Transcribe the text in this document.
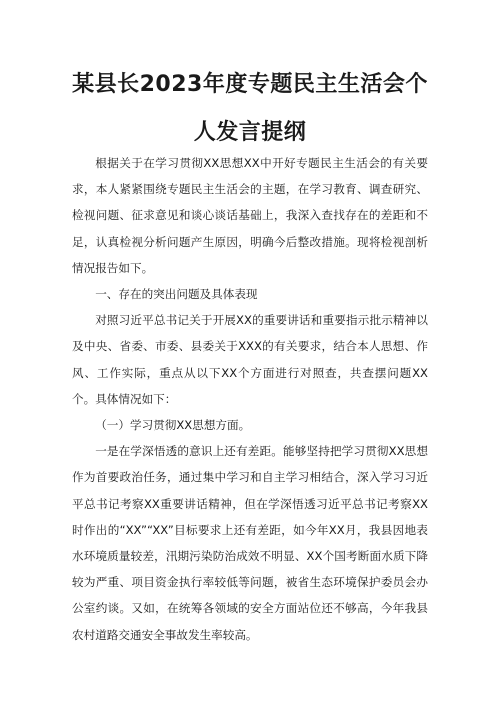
某县长2023年度专题民主生活会个
人发言提纲

根据关于在学习贯彻XX思想XX中开好专题民主生活会的有关要求，本人紧紧围绕专题民主生活会的主题，在学习教育、调查研究、检视问题、征求意见和谈心谈话基础上，我深入查找存在的差距和不足，认真检视分析问题产生原因，明确今后整改措施。现将检视剖析情况报告如下。

一、存在的突出问题及具体表现

对照习近平总书记关于开展XX的重要讲话和重要指示批示精神以及中央、省委、市委、县委关于XXX的有关要求，结合本人思想、作风、工作实际，重点从以下XX个方面进行对照查，共查摆问题XX个。具体情况如下：

（一）学习贯彻XX思想方面。

一是在学深悟透的意识上还有差距。能够坚持把学习贯彻XX思想作为首要政治任务，通过集中学习和自主学习相结合，深入学习习近平总书记考察XX重要讲话精神，但在学深悟透习近平总书记考察XX时作出的“XX”“XX”目标要求上还有差距，如今年XX月，我县因地表水环境质量较差，汛期污染防治成效不明显、XX个国考断面水质下降较为严重、项目资金执行率较低等问题，被省生态环境保护委员会办公室约谈。又如，在统筹各领域的安全方面站位还不够高，今年我县农村道路交通安全事故发生率较高。
